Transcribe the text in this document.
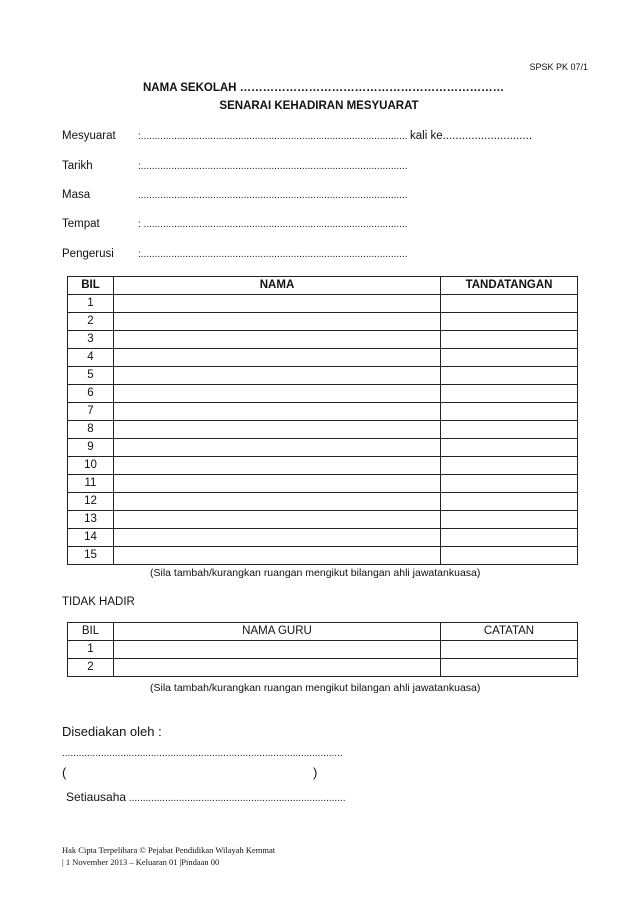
SPSK PK 07/1
NAMA SEKOLAH ……………………………………………………………
SENARAI KEHADIRAN MESYUARAT
Mesyuarat :................................................................................................ kali ke............................
Tarikh	:................................................................................................
Masa	.................................................................................................
Tempat	: ...............................................................................................
Pengerusi :................................................................................................
BIL	NAMA	TANDATANGAN
1		
2		
3		
4		
5		
6		
7		
8		
9		
10		
11		
12		
13		
14		
15		
(Sila tambah/kurangkan ruangan mengikut bilangan ahli jawatankuasa)
TIDAK HADIR
BIL	NAMA GURU	CATATAN
1		
2		
(Sila tambah/kurangkan ruangan mengikut bilangan ahli jawatankuasa)
Disediakan oleh :
.....................................................................................................
(	)
Setiausaha ..............................................................................
Hak Cipta Terpelihara © Pejabat Pendidikan Wilayah Kemmat
| 1 November 2013 – Keluaran 01 |Pindaan 00
